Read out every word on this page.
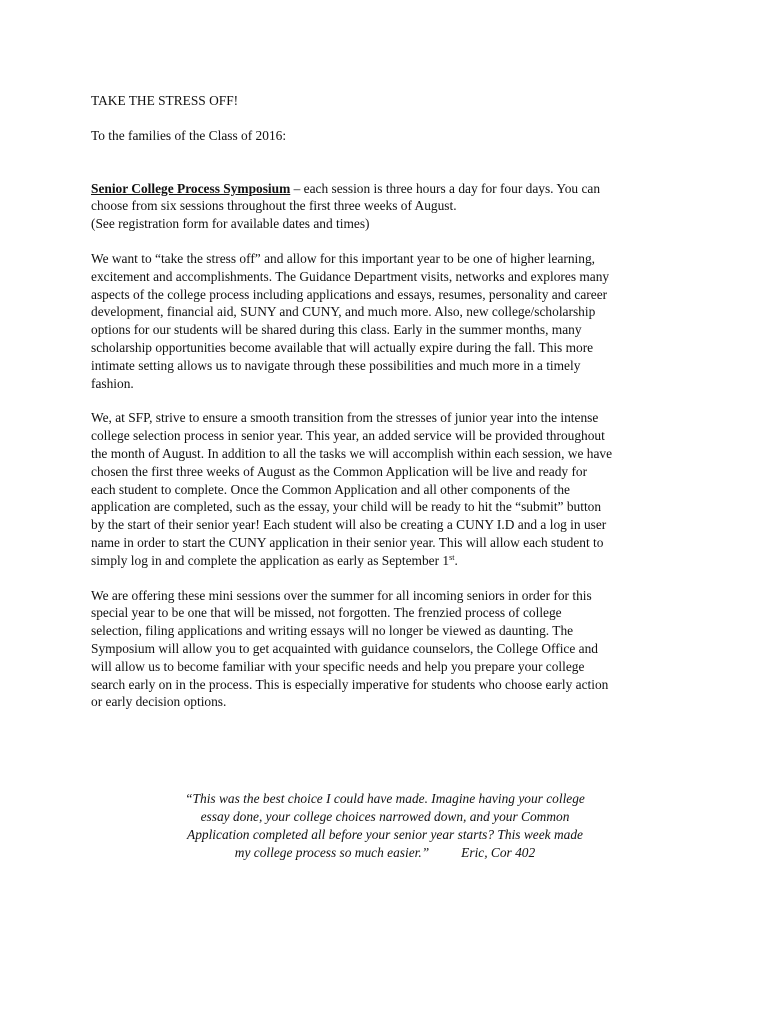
TAKE THE STRESS OFF!

To the families of the Class of 2016:

Senior College Process Symposium – each session is three hours a day for four days. You can
choose from six sessions throughout the first three weeks of August.
(See registration form for available dates and times)

We want to “take the stress off” and allow for this important year to be one of higher learning,
excitement and accomplishments. The Guidance Department visits, networks and explores many
aspects of the college process including applications and essays, resumes, personality and career
development, financial aid, SUNY and CUNY, and much more. Also, new college/scholarship
options for our students will be shared during this class. Early in the summer months, many
scholarship opportunities become available that will actually expire during the fall. This more
intimate setting allows us to navigate through these possibilities and much more in a timely
fashion.

We, at SFP, strive to ensure a smooth transition from the stresses of junior year into the intense
college selection process in senior year. This year, an added service will be provided throughout
the month of August. In addition to all the tasks we will accomplish within each session, we have
chosen the first three weeks of August as the Common Application will be live and ready for
each student to complete. Once the Common Application and all other components of the
application are completed, such as the essay, your child will be ready to hit the “submit” button
by the start of their senior year! Each student will also be creating a CUNY I.D and a log in user
name in order to start the CUNY application in their senior year. This will allow each student to
simply log in and complete the application as early as September 1st.

We are offering these mini sessions over the summer for all incoming seniors in order for this
special year to be one that will be missed, not forgotten. The frenzied process of college
selection, filing applications and writing essays will no longer be viewed as daunting. The
Symposium will allow you to get acquainted with guidance counselors, the College Office and
will allow us to become familiar with your specific needs and help you prepare your college
search early on in the process. This is especially imperative for students who choose early action
or early decision options.

“This was the best choice I could have made. Imagine having your college
essay done, your college choices narrowed down, and your Common
Application completed all before your senior year starts? This week made
my college process so much easier.” Eric, Cor 402
